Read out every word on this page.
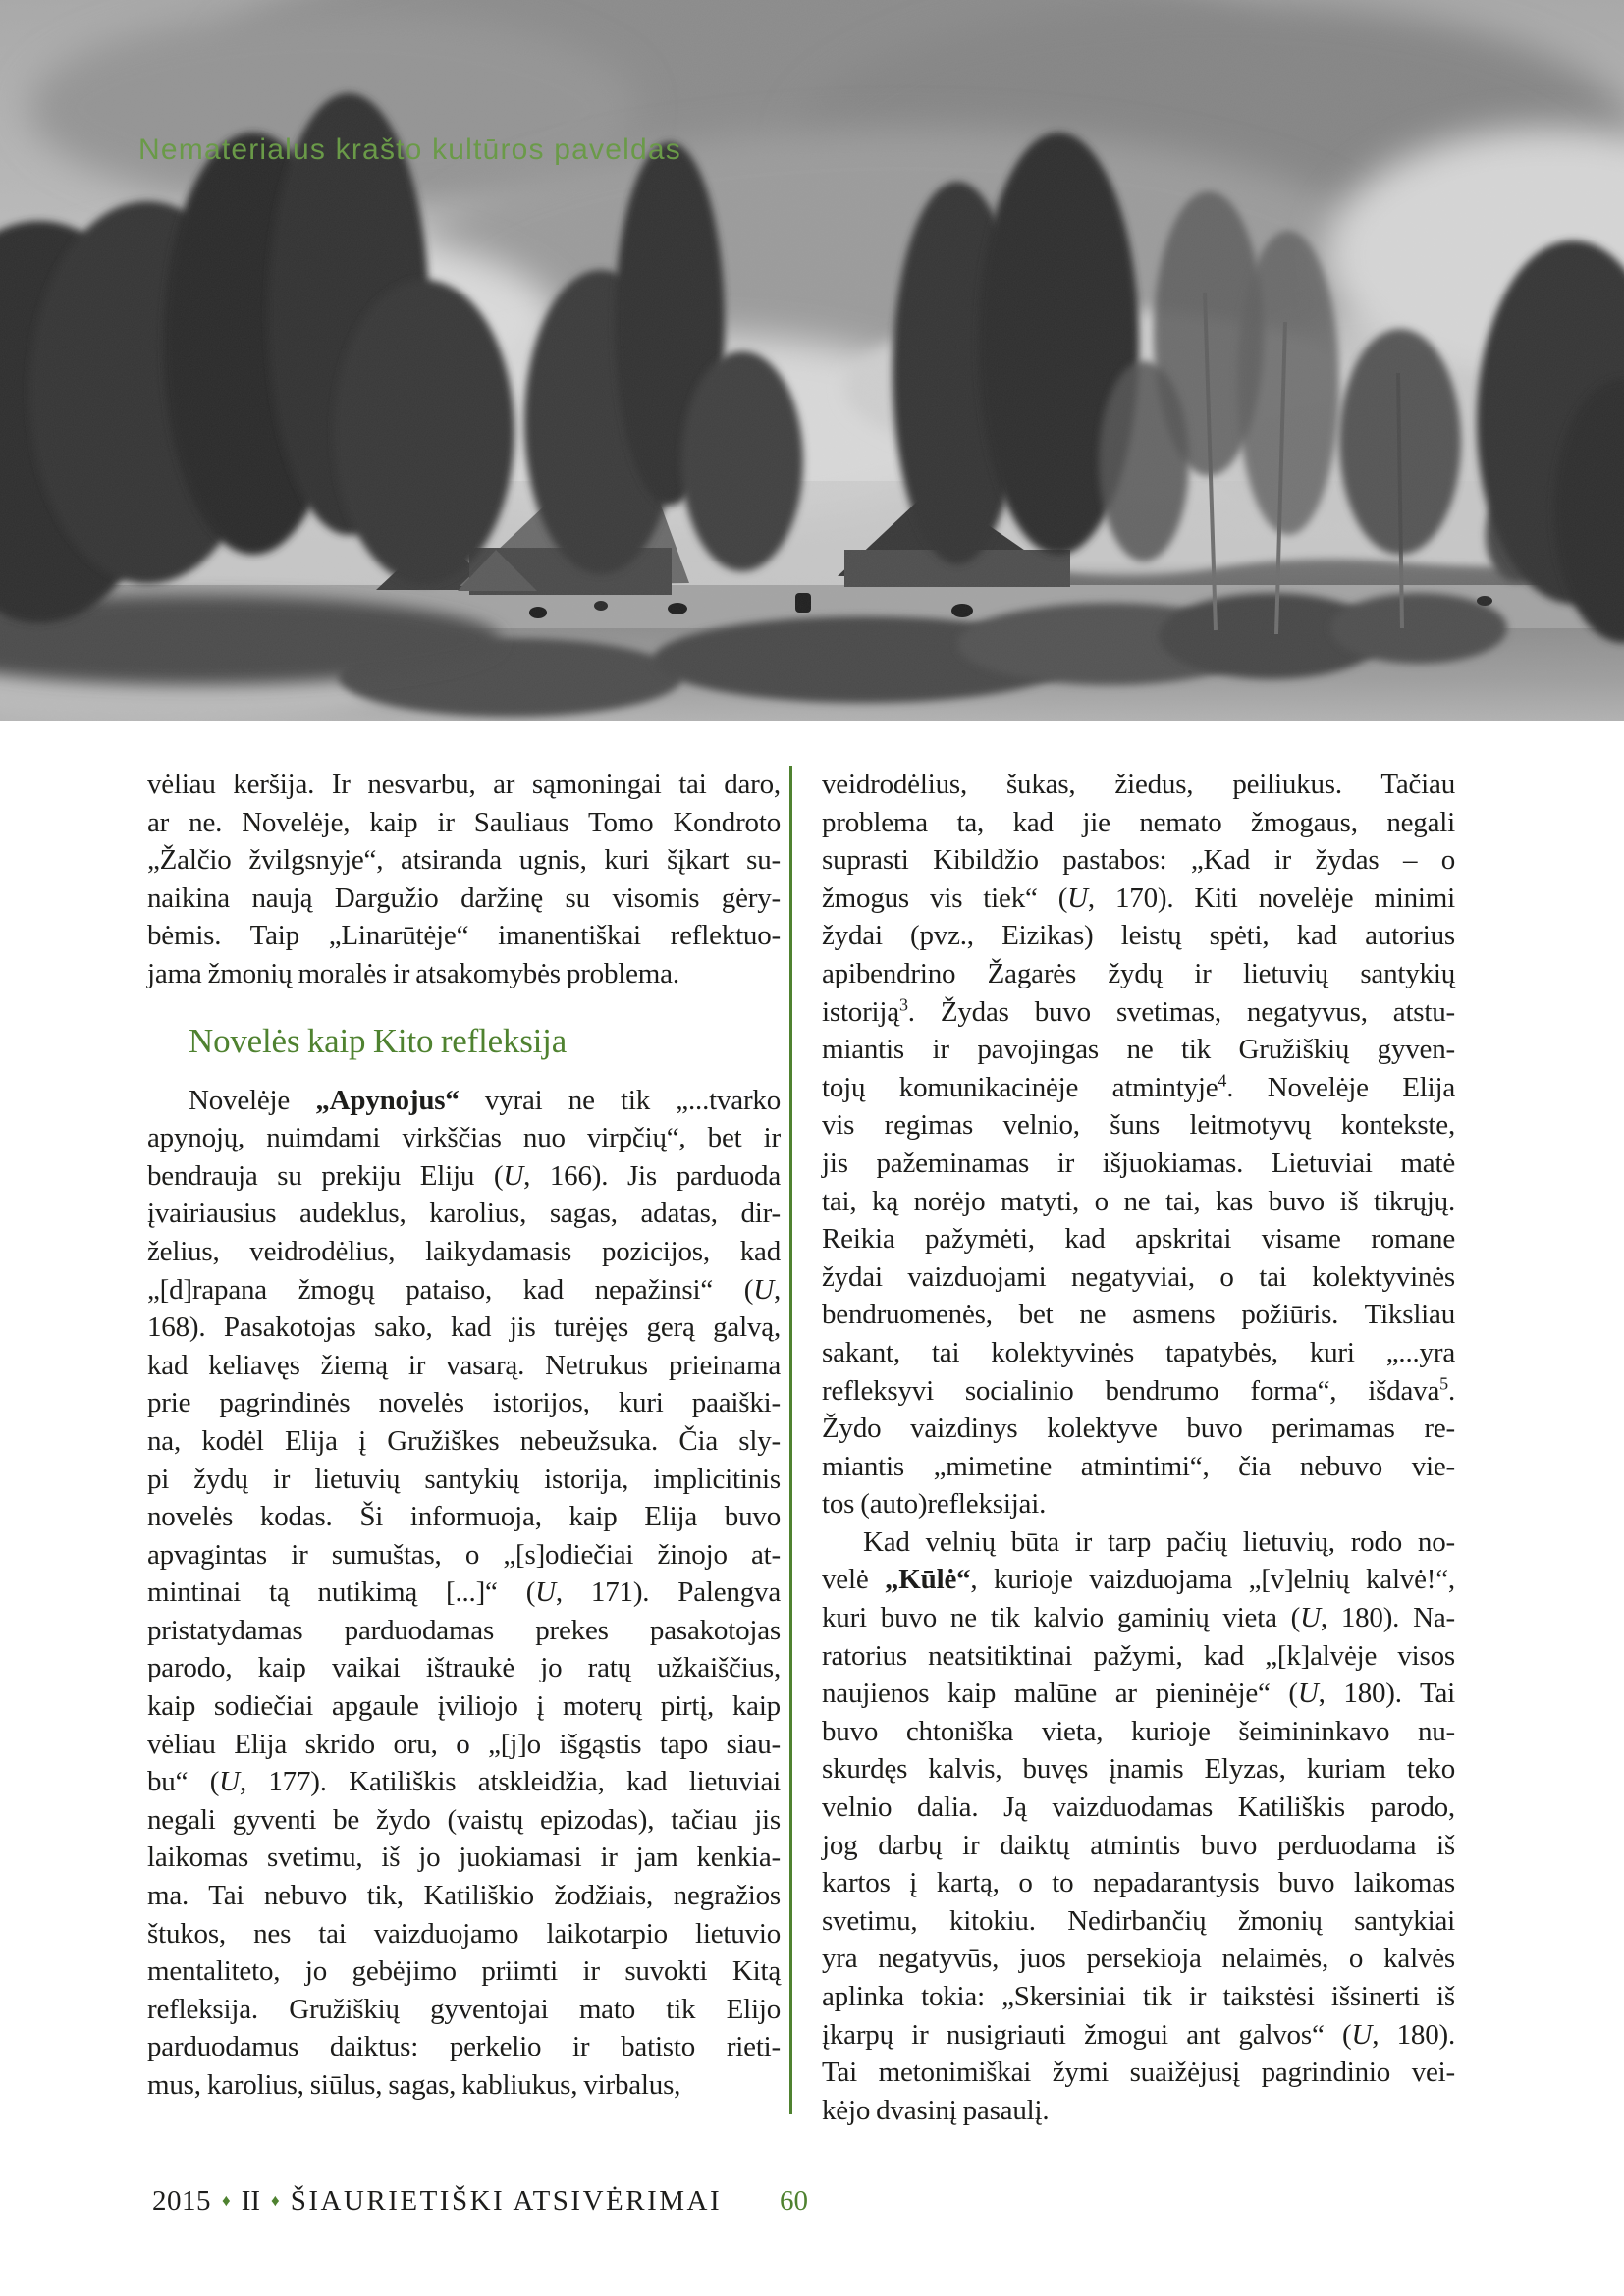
Nematerialus krašto kultūros paveldas
vėliau keršija. Ir nesvarbu, ar sąmoningai tai daro,
ar ne. Novelėje, kaip ir Sauliaus Tomo Kondroto
„Žalčio žvilgsnyje“, atsiranda ugnis, kuri šįkart su-
naikina naują Dargužio daržinę su visomis gėry-
bėmis. Taip „Linarūtėje“ imanentiškai reflektuo-
jama žmonių moralės ir atsakomybės problema.
Novelės kaip Kito refleksija
Novelėje „Apynojus“ vyrai ne tik „...tvarko
apynojų, nuimdami virkščias nuo virpčių“, bet ir
bendrauja su prekiju Eliju (U, 166). Jis parduoda
įvairiausius audeklus, karolius, sagas, adatas, dir-
želius, veidrodėlius, laikydamasis pozicijos, kad
„[d]rapana žmogų pataiso, kad nepažinsi“ (U,
168). Pasakotojas sako, kad jis turėjęs gerą galvą,
kad keliavęs žiemą ir vasarą. Netrukus prieinama
prie pagrindinės novelės istorijos, kuri paaiški-
na, kodėl Elija į Gružiškes nebeužsuka. Čia sly-
pi žydų ir lietuvių santykių istorija, implicitinis
novelės kodas. Ši informuoja, kaip Elija buvo
apvagintas ir sumuštas, o „[s]odiečiai žinojo at-
mintinai tą nutikimą [...]“ (U, 171). Palengva
pristatydamas parduodamas prekes pasakotojas
parodo, kaip vaikai ištraukė jo ratų užkaiščius,
kaip sodiečiai apgaule įviliojo į moterų pirtį, kaip
vėliau Elija skrido oru, o „[j]o išgąstis tapo siau-
bu“ (U, 177). Katiliškis atskleidžia, kad lietuviai
negali gyventi be žydo (vaistų epizodas), tačiau jis
laikomas svetimu, iš jo juokiamasi ir jam kenkia-
ma. Tai nebuvo tik, Katiliškio žodžiais, negražios
štukos, nes tai vaizduojamo laikotarpio lietuvio
mentaliteto, jo gebėjimo priimti ir suvokti Kitą
refleksija. Gružiškių gyventojai mato tik Elijo
parduodamus daiktus: perkelio ir batisto rieti-
mus, karolius, siūlus, sagas, kabliukus, virbalus,
veidrodėlius, šukas, žiedus, peiliukus. Tačiau
problema ta, kad jie nemato žmogaus, negali
suprasti Kibildžio pastabos: „Kad ir žydas – o
žmogus vis tiek“ (U, 170). Kiti novelėje minimi
žydai (pvz., Eizikas) leistų spėti, kad autorius
apibendrino Žagarės žydų ir lietuvių santykių
istoriją$^3$. Žydas buvo svetimas, negatyvus, atstu-
miantis ir pavojingas ne tik Gružiškių gyven-
tojų komunikacinėje atmintyje$^4$. Novelėje Elija
vis regimas velnio, šuns leitmotyvų kontekste,
jis pažeminamas ir išjuokiamas. Lietuviai matė
tai, ką norėjo matyti, o ne tai, kas buvo iš tikrųjų.
Reikia pažymėti, kad apskritai visame romane
žydai vaizduojami negatyviai, o tai kolektyvinės
bendruomenės, bet ne asmens požiūris. Tiksliau
sakant, tai kolektyvinės tapatybės, kuri „...yra
refleksyvi socialinio bendrumo forma“, išdava$^5$.
Žydo vaizdinys kolektyve buvo perimamas re-
miantis „mimetine atmintimi“, čia nebuvo vie-
tos (auto)refleksijai.
Kad velnių būta ir tarp pačių lietuvių, rodo no-
velė „Kūlė“, kurioje vaizduojama „[v]elnių kalvė!“,
kuri buvo ne tik kalvio gaminių vieta (U, 180). Na-
ratorius neatsitiktinai pažymi, kad „[k]alvėje visos
naujienos kaip malūne ar pieninėje“ (U, 180). Tai
buvo chtoniška vieta, kurioje šeimininkavo nu-
skurdęs kalvis, buvęs įnamis Elyzas, kuriam teko
velnio dalia. Ją vaizduodamas Katiliškis parodo,
jog darbų ir daiktų atmintis buvo perduodama iš
kartos į kartą, o to nepadarantysis buvo laikomas
svetimu, kitokiu. Nedirbančių žmonių santykiai
yra negatyvūs, juos persekioja nelaimės, o kalvės
aplinka tokia: „Skersiniai tik ir taikstėsi išsinerti iš
įkarpų ir nusigriauti žmogui ant galvos“ (U, 180).
Tai metonimiškai žymi suaižėjusį pagrindinio vei-
kėjo dvasinį pasaulį.
2015 ♦ II ♦ ŠIAURIETIŠKI ATSIVĖRIMAI 60
